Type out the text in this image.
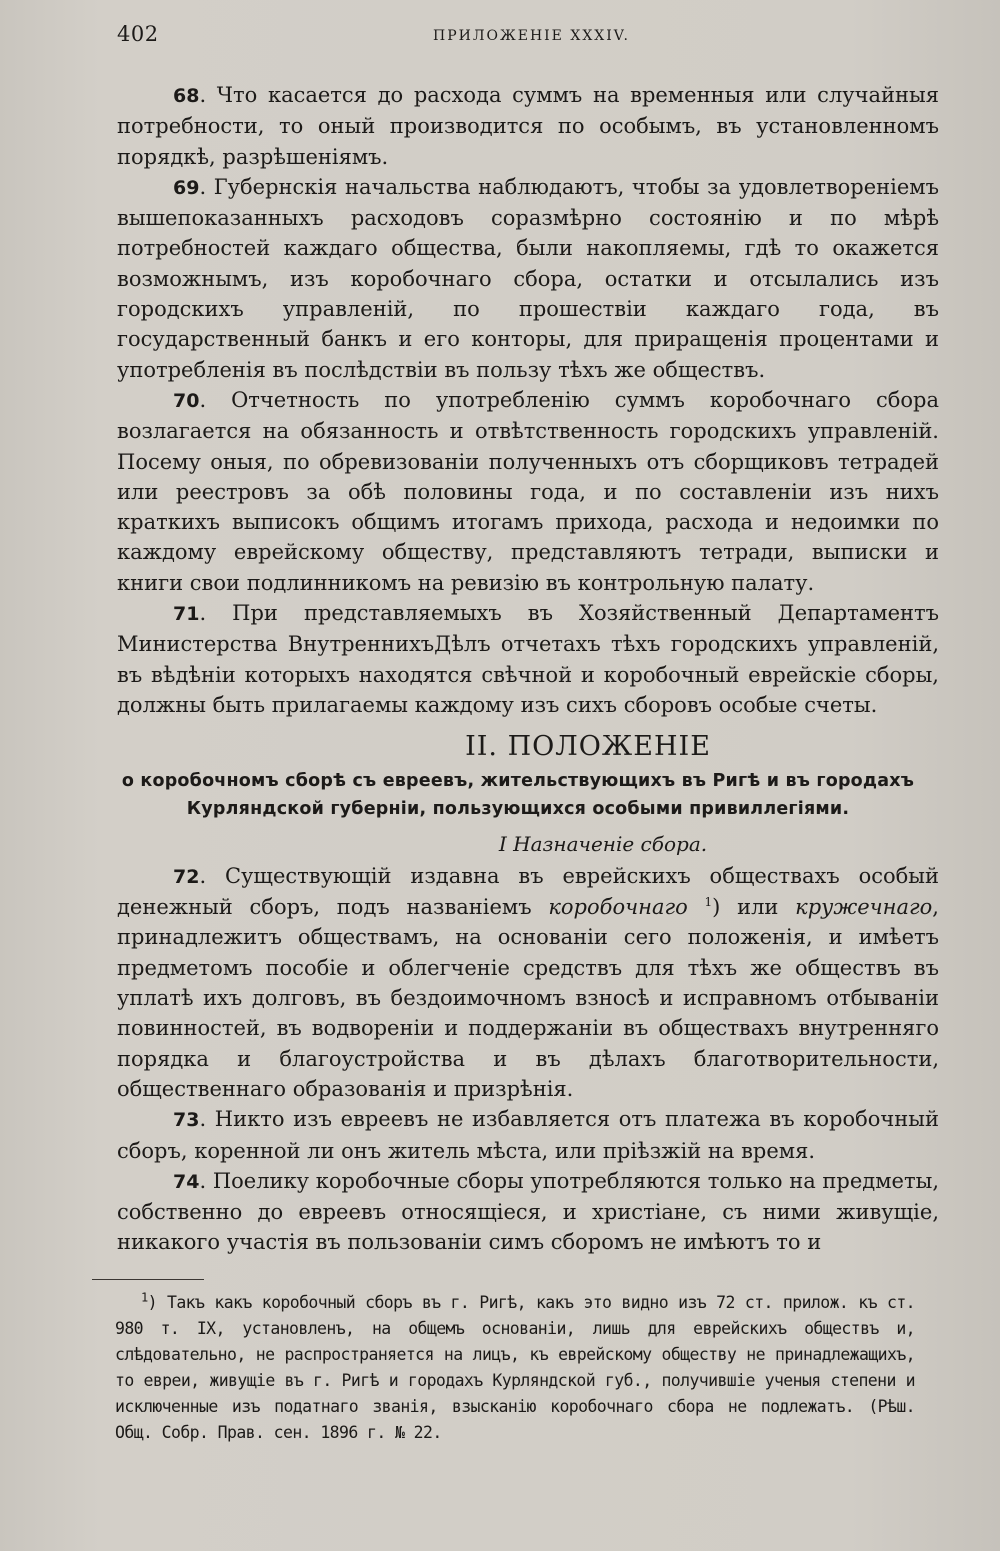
402	ПРИЛОЖЕНІЕ XXXIV.

68. Что касается до расхода суммъ на временныя или случайныя потребности, то оный производится по особымъ, въ установленномъ порядкѣ, разрѣшеніямъ.

69. Губернскія начальства наблюдаютъ, чтобы за удовлетвореніемъ вышепоказанныхъ расходовъ соразмѣрно состоянію и по мѣрѣ потребностей каждаго общества, были накопляемы, гдѣ то окажется возможнымъ, изъ коробочнаго сбора, остатки и отсылались изъ городскихъ управленій, по прошествіи каждаго года, въ государственный банкъ и его конторы, для приращенія процентами и употребленія въ послѣдствіи въ пользу тѣхъ же обществъ.

70. Отчетность по употребленію суммъ коробочнаго сбора возлагается на обязанность и отвѣтственность городскихъ управленій. Посему оныя, по обревизованіи полученныхъ отъ сборщиковъ тетрадей или реестровъ за обѣ половины года, и по составленіи изъ нихъ краткихъ выписокъ общимъ итогамъ прихода, расхода и недоимки по каждому еврейскому обществу, представляютъ тетради, выписки и книги свои подлинникомъ на ревизію въ контрольную палату.

71. При представляемыхъ въ Хозяйственный Департаментъ Министерства ВнутреннихъДѣлъ отчетахъ тѣхъ городскихъ управленій, въ вѣдѣніи которыхъ находятся свѣчной и коробочный еврейскіе сборы, должны быть прилагаемы каждому изъ сихъ сборовъ особые счеты.

II. ПОЛОЖЕНІЕ
о коробочномъ сборѣ съ евреевъ, жительствующихъ въ Ригѣ и въ городахъ Курляндской губерніи, пользующихся особыми привиллегіями.
I Назначеніе сбора.

72. Существующій издавна въ еврейскихъ обществахъ особый денежный сборъ, подъ названіемъ коробочнаго $^1$) или кружечнаго, принадлежитъ обществамъ, на основаніи сего положенія, и имѣетъ предметомъ пособіе и облегченіе средствъ для тѣхъ же обществъ въ уплатѣ ихъ долговъ, въ бездоимочномъ взносѣ и исправномъ отбываніи повинностей, въ водвореніи и поддержаніи въ обществахъ внутренняго порядка и благоустройства и въ дѣлахъ благотворительности, общественнаго образованія и призрѣнія.

73. Никто изъ евреевъ не избавляется отъ платежа въ коробочный сборъ, коренной ли онъ житель мѣста, или пріѣзжій на время.

74. Поелику коробочные сборы употребляются только на предметы, собственно до евреевъ относящіеся, и христіане, съ ними живущіе, никакого участія въ пользованіи симъ сборомъ не имѣютъ то и

$^1$) Такъ какъ коробочный сборъ въ г. Ригѣ, какъ это видно изъ 72 ст. прилож. къ ст. 980 т. IX, установленъ, на общемъ основаніи, лишь для еврейскихъ обществъ и, слѣдовательно, не распространяется на лицъ, къ еврейскому обществу не принадлежащихъ, то евреи, живущіе въ г. Ригѣ и городахъ Курляндской губ., получившіе ученыя степени и исключенные изъ податнаго званія, взысканію коробочнаго сбора не подлежатъ. (Рѣш. Общ. Собр. Прав. сен. 1896 г. № 22.
